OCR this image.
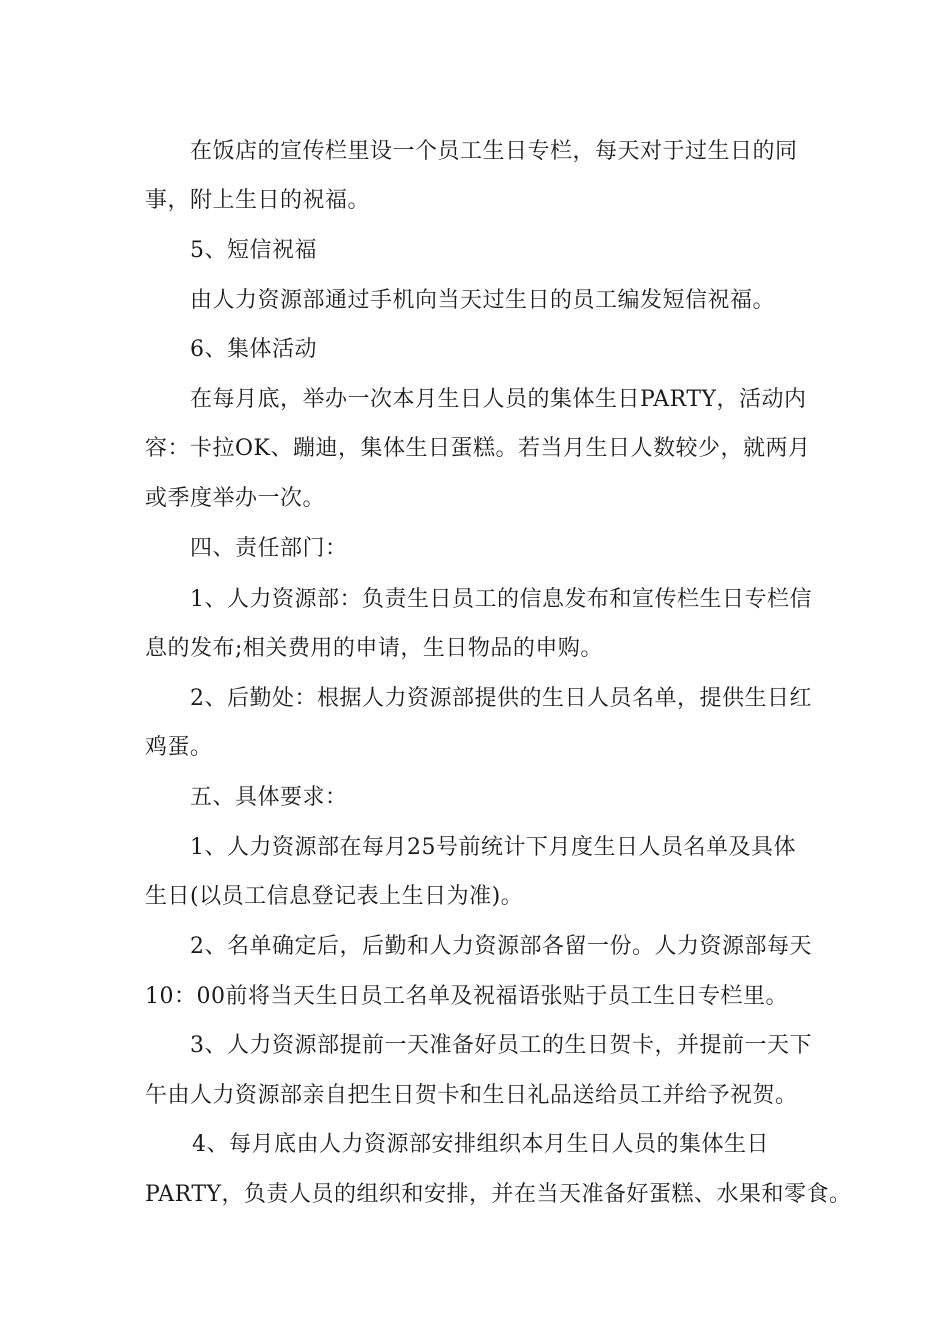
在饭店的宣传栏里设一个员工生日专栏，每天对于过生日的同
事，附上生日的祝福。
5、短信祝福
由人力资源部通过手机向当天过生日的员工编发短信祝福。
6、集体活动
在每月底，举办一次本月生日人员的集体生日PARTY，活动内
容：卡拉OK、蹦迪，集体生日蛋糕。若当月生日人数较少，就两月
或季度举办一次。
四、责任部门：
1、人力资源部：负责生日员工的信息发布和宣传栏生日专栏信
息的发布;相关费用的申请，生日物品的申购。
2、后勤处：根据人力资源部提供的生日人员名单，提供生日红
鸡蛋。
五、具体要求：
1、人力资源部在每月25号前统计下月度生日人员名单及具体
生日(以员工信息登记表上生日为准)。
2、名单确定后，后勤和人力资源部各留一份。人力资源部每天
10：00前将当天生日员工名单及祝福语张贴于员工生日专栏里。
3、人力资源部提前一天准备好员工的生日贺卡，并提前一天下
午由人力资源部亲自把生日贺卡和生日礼品送给员工并给予祝贺。
4、每月底由人力资源部安排组织本月生日人员的集体生日
PARTY，负责人员的组织和安排，并在当天准备好蛋糕、水果和零食。
